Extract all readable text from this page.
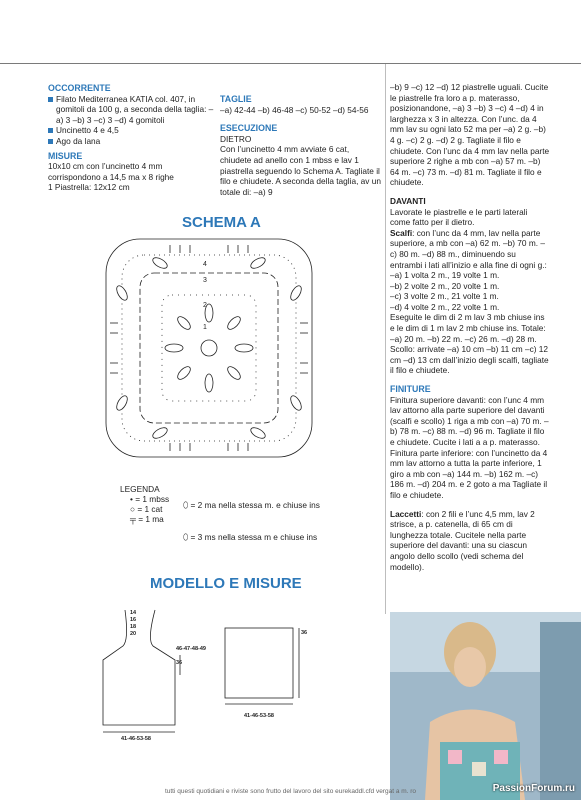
OCCORRENTE

Filato Mediterranea KATIA col. 407, in gomitoli da 100 g, a seconda della taglia: –a) 3 –b) 3 –c) 3 –d) 4 gomitoli
Uncinetto 4 e 4,5
Ago da lana

MISURE

10x10 cm con l’uncinetto 4 mm

corrispondono a 14,5 ma x 8 righe

1 Piastrella: 12x12 cm

TAGLIE

–a) 42-44 –b) 46-48 –c) 50-52 –d) 54-56

ESECUZIONE

DIETRO

Con l’uncinetto 4 mm avviate 6 cat, chiudete ad anello con 1 mbss e lav 1 piastrella seguendo lo Schema A. Tagliate il filo e chiudete. A seconda della taglia, av un totale di: –a) 9

–b) 9 –c) 12 –d) 12 piastrelle uguali. Cucite le piastrelle fra loro a p. materasso, posizionandone, –a) 3 –b) 3 –c) 4 –d) 4 in larghezza x 3 in altezza. Con l’unc. da 4 mm lav su ogni lato 52 ma per –a) 2 g. –b) 4 g. –c) 2 g. –d) 2 g. Tagliate il filo e chiudete. Con l’unc da 4 mm lav nella parte superiore 2 righe a mb con –a) 57 m. –b) 64 m. –c) 73 m. –d) 81 m. Tagliate il filo e chiudete.

DAVANTI

Lavorate le piastrelle e le parti laterali come fatto per il dietro.

Scalfi: con l’unc da 4 mm, lav nella parte superiore, a mb con –a) 62 m. –b) 70 m. –c) 80 m. –d) 88 m., diminuendo su entrambi i lati all’inizio e alla fine di ogni g.:

–a) 1 volta 2 m., 19 volte 1 m.

–b) 2 volte 2 m., 20 volte 1 m.

–c) 3 volte 2 m., 21 volte 1 m.

–d) 4 volte 2 m., 22 volte 1 m.

Eseguite le dim di 2 m lav 3 mb chiuse ins e le dim di 1 m lav 2 mb chiuse ins. Totale: –a) 20 m. –b) 22 m. –c) 26 m. –d) 28 m. Scollo: arrivate –a) 10 cm –b) 11 cm –c) 12 cm –d) 13 cm dall’inizio degli scalfi, tagliate il filo e chiudete.

FINITURE

Finitura superiore davanti: con l’unc 4 mm lav attorno alla parte superiore del davanti (scalfi e scollo) 1 riga a mb con –a) 70 m. –b) 78 m. –c) 88 m. –d) 96 m. Tagliate il filo e chiudete. Cucite i lati a a p. materasso. Finitura parte inferiore: con l’uncinetto da 4 mm lav attorno a tutta la parte inferiore, 1 giro a mb con –a) 144 m. –b) 162 m. –c) 186 m. –d) 204 m. e 2 goto a ma Tagliate il filo e chiudete.

Laccetti: con 2 fili e l’unc 4,5 mm, lav 2 strisce, a p. catenella, di 65 cm di lunghezza totale. Cucitele nella parte superiore del davanti: una su ciascun angolo dello scollo (vedi schema del modello).

SCHEMA A
4
3
2
1
LEGENDA
• = 1 mbss
○ = 1 cat
╤ = 1 ma
⬯ = 2 ma nella stessa m. e chiuse ins
⬯ = 3 ms nella stessa m e chiuse ins
MODELLO E MISURE
14
16
18
20
46-47-48-49
36
41-46-53-58
36
41-46-53-58
tutti questi quotidiani e riviste sono frutto del lavoro del sito eurekaddl.cfd vergat a m. ro	PassionForum.ru
